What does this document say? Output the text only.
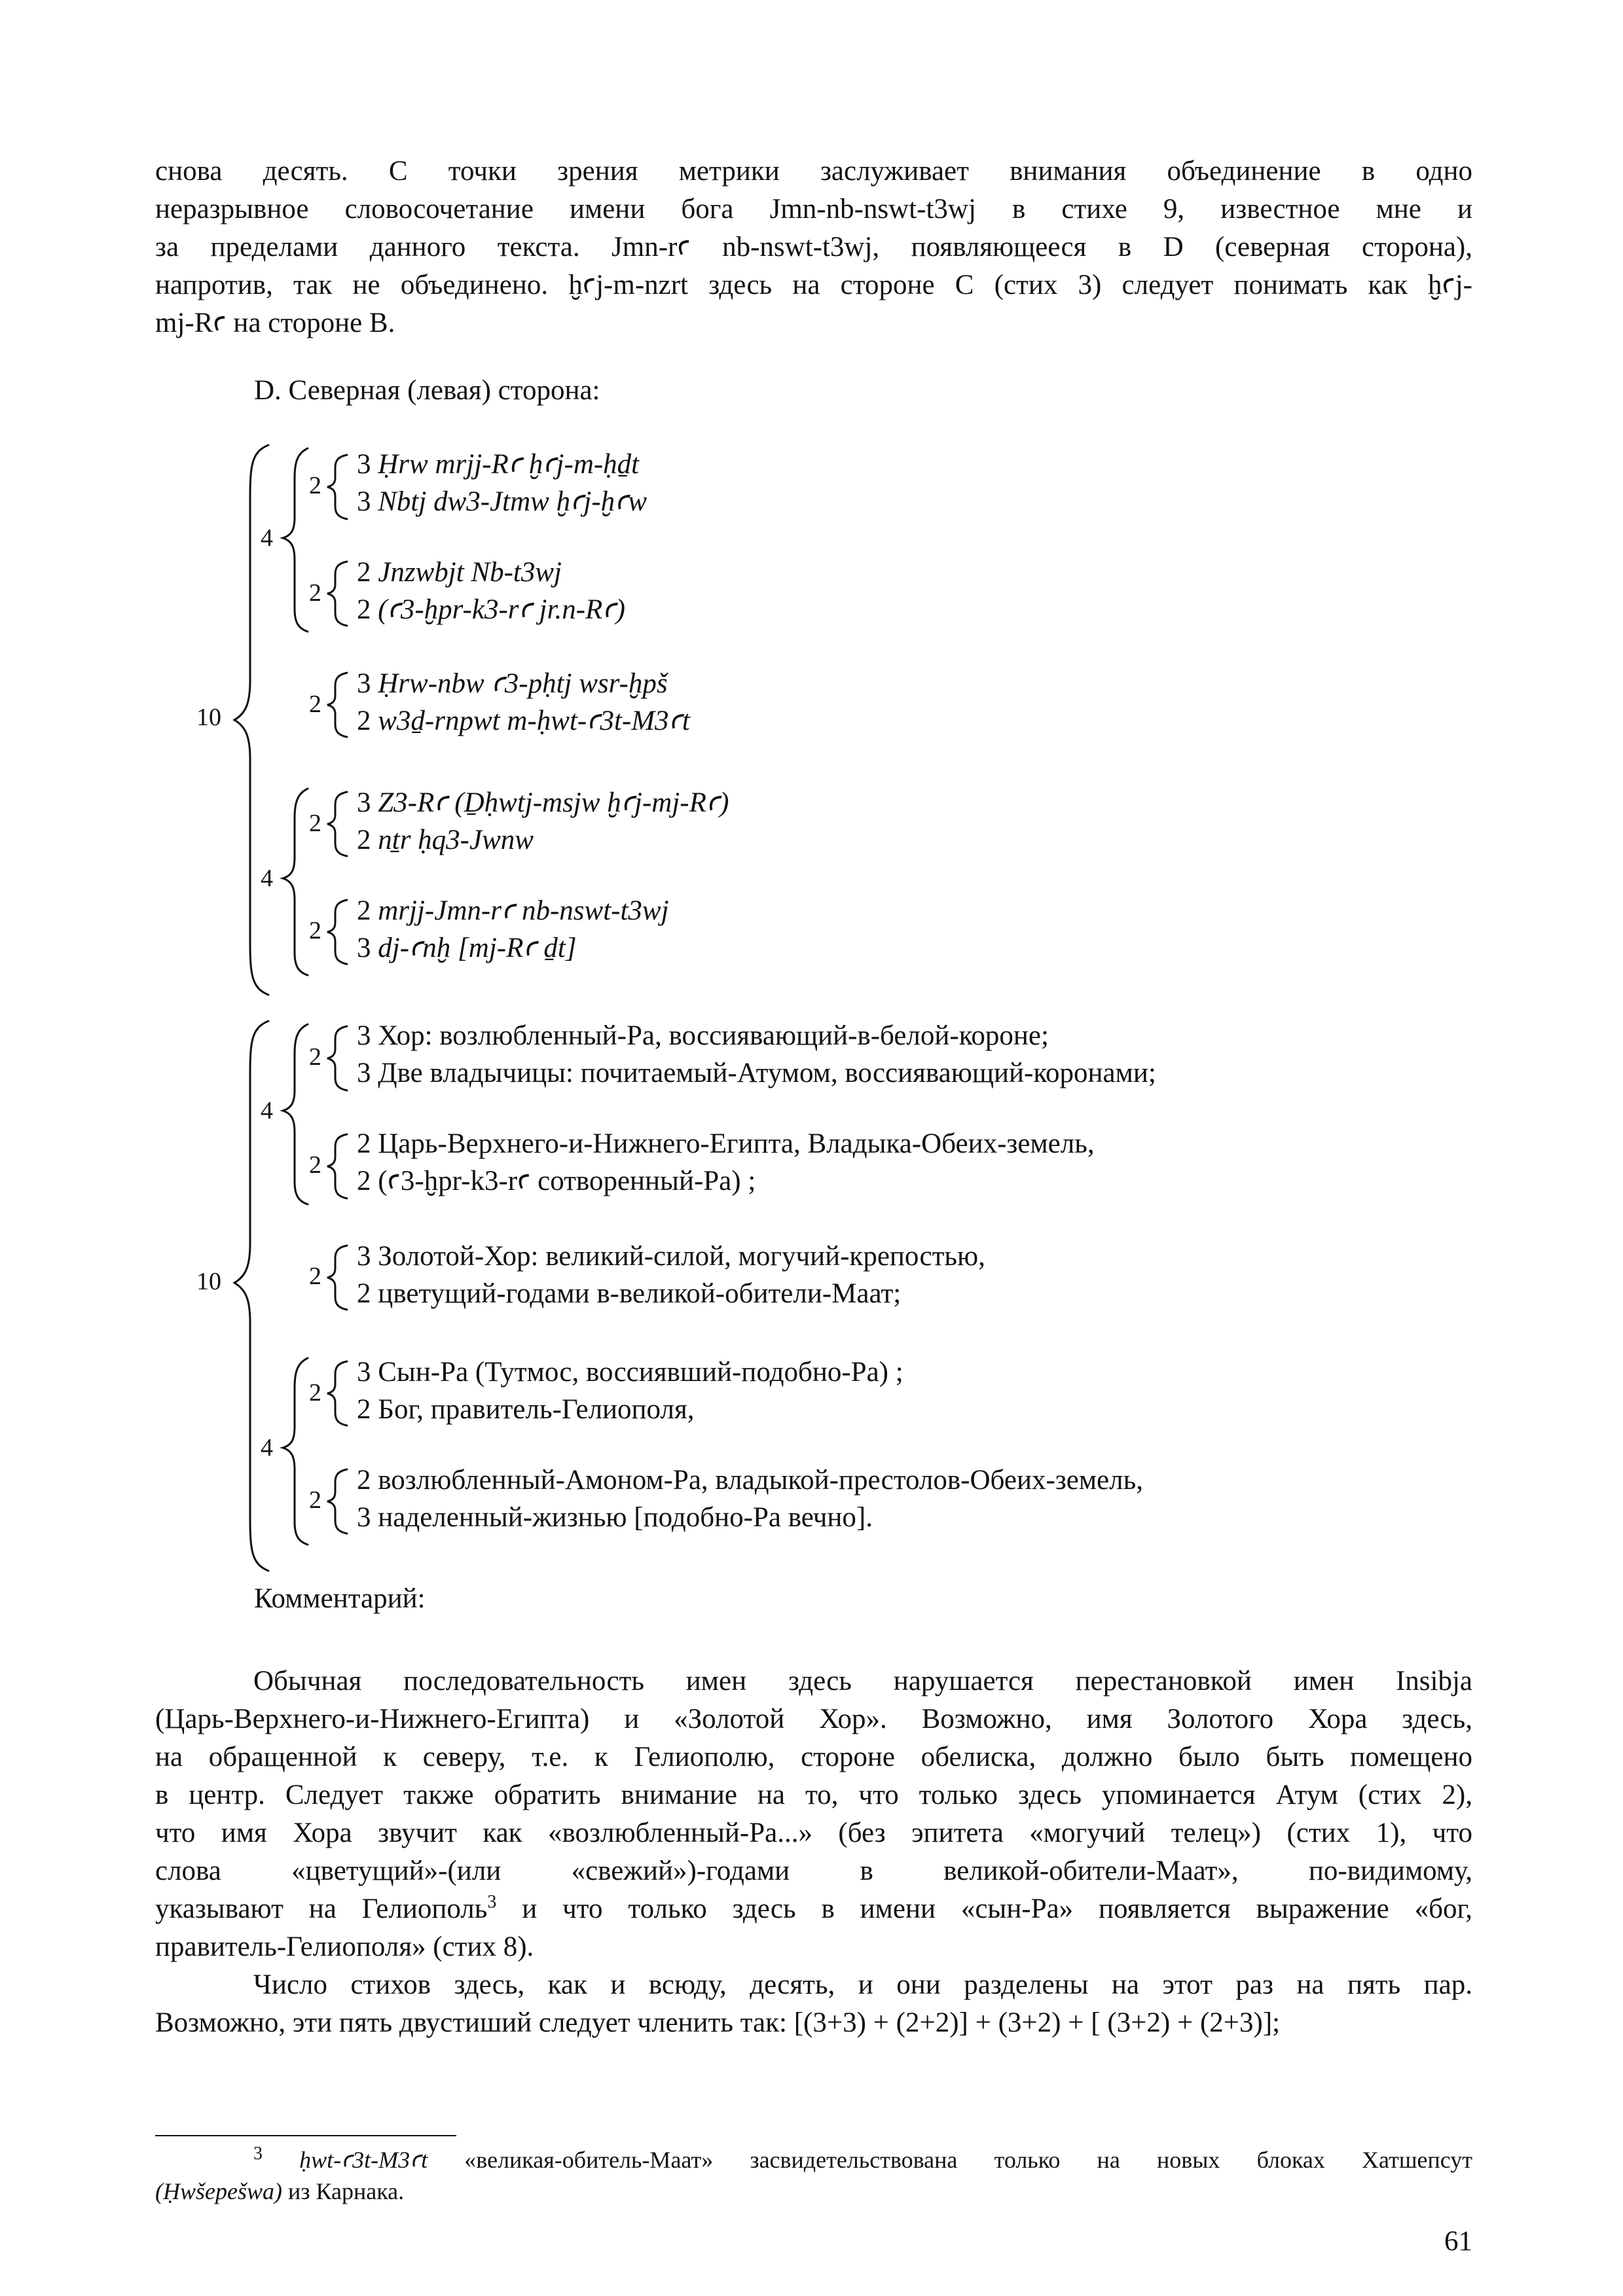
снова десять. С точки зрения метрики заслуживает внимания объединение в одно
неразрывное словосочетание имени бога Jmn-nb-nswt-t3wj в стихе 9, известное мне и
за пределами данного текста. Jmn-rꜥ nb-nswt-t3wj, появляющееся в D (северная сторона),
напротив, так не объединено. ḫꜥj-m-nzrt здесь на стороне С (стих 3) следует понимать как ḫꜥj-
mj-Rꜥ на стороне В.
D. Северная (левая) сторона:
10
4
4
2
2
2
2
2
3 Ḥrw mrjj-Rꜥ ḫꜥj-m-ḥḏt
3 Nbtj dw3-Jtmw ḫꜥj-ḫꜥw
2 Jnzwbjt Nb-t3wj
2 (ꜥ3-ḫpr-k3-rꜥ jr.n-Rꜥ)
3 Ḥrw-nbw ꜥ3-pḥtj wsr-ḫpš
2 w3ḏ-rnpwt m-ḥwt-ꜥ3t-M3ꜥt
3 Z3-Rꜥ (Ḏḥwtj-msjw ḫꜥj-mj-Rꜥ)
2 nṯr ḥq3-Jwnw
2 mrjj-Jmn-rꜥ nb-nswt-t3wj
3 dj-ꜥnḫ [mj-Rꜥ ḏt]
10
4
4
2
2
2
2
2
3 Хор: возлюбленный-Ра, воссиявающий-в-белой-короне;
3 Две владычицы: почитаемый-Атумом, воссиявающий-коронами;
2 Царь-Верхнего-и-Нижнего-Египта, Владыка-Обеих-земель,
2 (ꜥ3-ḫpr-k3-rꜥ сотворенный-Ра) ;
3 Золотой-Хор: великий-силой, могучий-крепостью,
2 цветущий-годами в-великой-обители-Маат;
3 Сын-Ра (Тутмос, воссиявший-подобно-Ра) ;
2 Бог, правитель-Гелиополя,
2 возлюбленный-Амоном-Ра, владыкой-престолов-Обеих-земель,
3 наделенный-жизнью [подобно-Ра вечно].
Комментарий:
Обычная последовательность имен здесь нарушается перестановкой имен Insibja
(Царь-Верхнего-и-Нижнего-Египта) и «Золотой Хор». Возможно, имя Золотого Хора здесь,
на обращенной к северу, т.е. к Гелиополю, стороне обелиска, должно было быть помещено
в центр. Следует также обратить внимание на то, что только здесь упоминается Атум (стих 2),
что имя Хора звучит как «возлюбленный-Ра...» (без эпитета «могучий телец») (стих 1), что
слова «цветущий»-(или «свежий»)-годами в великой-обители-Маат», по-видимому,
указывают на Гелиополь$^3$ и что только здесь в имени «сын-Ра» появляется выражение «бог,
правитель-Гелиополя» (стих 8).
Число стихов здесь, как и всюду, десять, и они разделены на этот раз на пять пар.
Возможно, эти пять двустиший следует членить так: [(3+3) + (2+2)] + (3+2) + [ (3+2) + (2+3)];
$^3$ ḥwt-ꜥ3t-M3ꜥt «великая-обитель-Маат» засвидетельствована только на новых блоках Хатшепсут
(Ḥwšepešwa) из Карнака.
61
